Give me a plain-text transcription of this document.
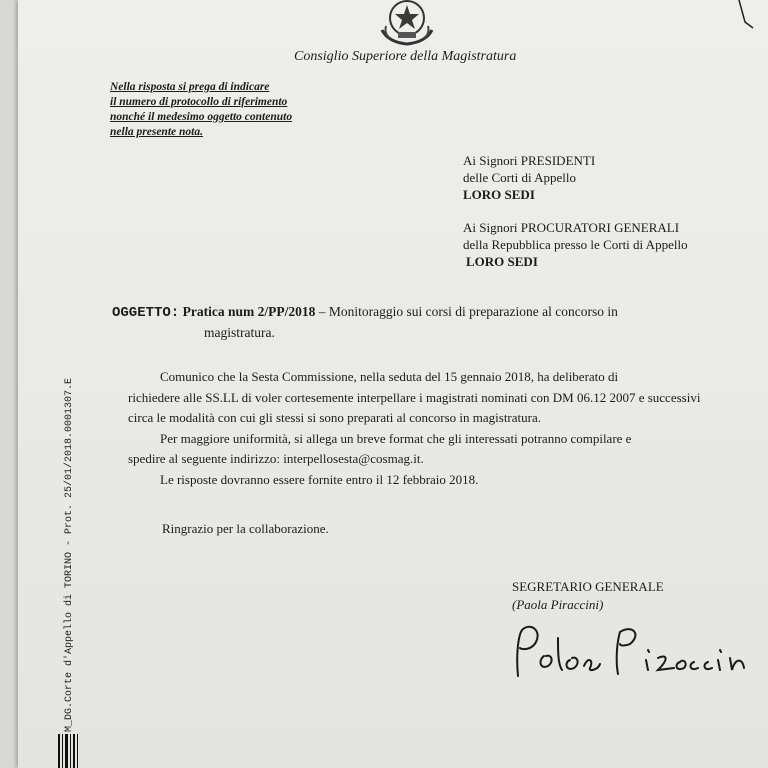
Consiglio Superiore della Magistratura
Nella risposta si prega di indicare
il numero di protocollo di riferimento
nonché il medesimo oggetto contenuto
nella presente nota.
Ai Signori PRESIDENTI
delle Corti di Appello
LORO SEDI
Ai Signori PROCURATORI GENERALI
della Repubblica presso le Corti di Appello
LORO SEDI
OGGETTO: Pratica num 2/PP/2018 – Monitoraggio sui corsi di preparazione al concorso in
magistratura.

Comunico che la Sesta Commissione, nella seduta del 15 gennaio 2018, ha deliberato di

richiedere alle SS.LL di voler cortesemente interpellare i magistrati nominati con DM 06.12 2007 e successivi circa le modalità con cui gli stessi si sono preparati al concorso in magistratura.

Per maggiore uniformità, si allega un breve format che gli interessati potranno compilare e

spedire al seguente indirizzo: interpellosesta@cosmag.it.

Le risposte dovranno essere fornite entro il 12 febbraio 2018.

Ringrazio per la collaborazione.
SEGRETARIO GENERALE
(Paola Piraccini)
M_DG.Corte d'Appello di TORINO - Prot. 25/01/2018.0001307.E
